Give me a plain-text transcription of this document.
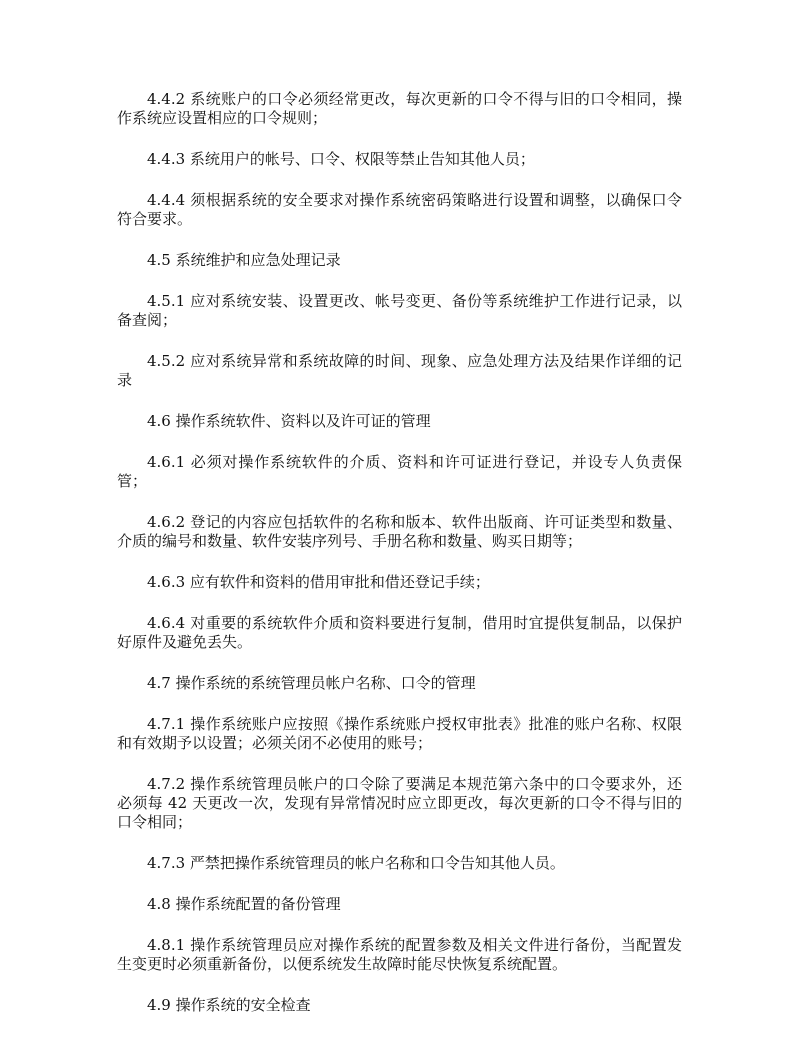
4.4.2 系统账户的口令必须经常更改，每次更新的口令不得与旧的口令相同，操作系统应设置相应的口令规则；

4.4.3 系统用户的帐号、口令、权限等禁止告知其他人员；

4.4.4 须根据系统的安全要求对操作系统密码策略进行设置和调整，以确保口令符合要求。

4.5 系统维护和应急处理记录

4.5.1 应对系统安装、设置更改、帐号变更、备份等系统维护工作进行记录，以备查阅；

4.5.2 应对系统异常和系统故障的时间、现象、应急处理方法及结果作详细的记录

4.6 操作系统软件、资料以及许可证的管理

4.6.1 必须对操作系统软件的介质、资料和许可证进行登记，并设专人负责保管；

4.6.2 登记的内容应包括软件的名称和版本、软件出版商、许可证类型和数量、介质的编号和数量、软件安装序列号、手册名称和数量、购买日期等；

4.6.3 应有软件和资料的借用审批和借还登记手续；

4.6.4 对重要的系统软件介质和资料要进行复制，借用时宜提供复制品，以保护好原件及避免丢失。

4.7 操作系统的系统管理员帐户名称、口令的管理

4.7.1 操作系统账户应按照《操作系统账户授权审批表》批准的账户名称、权限和有效期予以设置；必须关闭不必使用的账号；

4.7.2 操作系统管理员帐户的口令除了要满足本规范第六条中的口令要求外，还必须每 42 天更改一次，发现有异常情况时应立即更改，每次更新的口令不得与旧的口令相同；

4.7.3 严禁把操作系统管理员的帐户名称和口令告知其他人员。

4.8 操作系统配置的备份管理

4.8.1 操作系统管理员应对操作系统的配置参数及相关文件进行备份，当配置发生变更时必须重新备份，以便系统发生故障时能尽快恢复系统配置。

4.9 操作系统的安全检查
